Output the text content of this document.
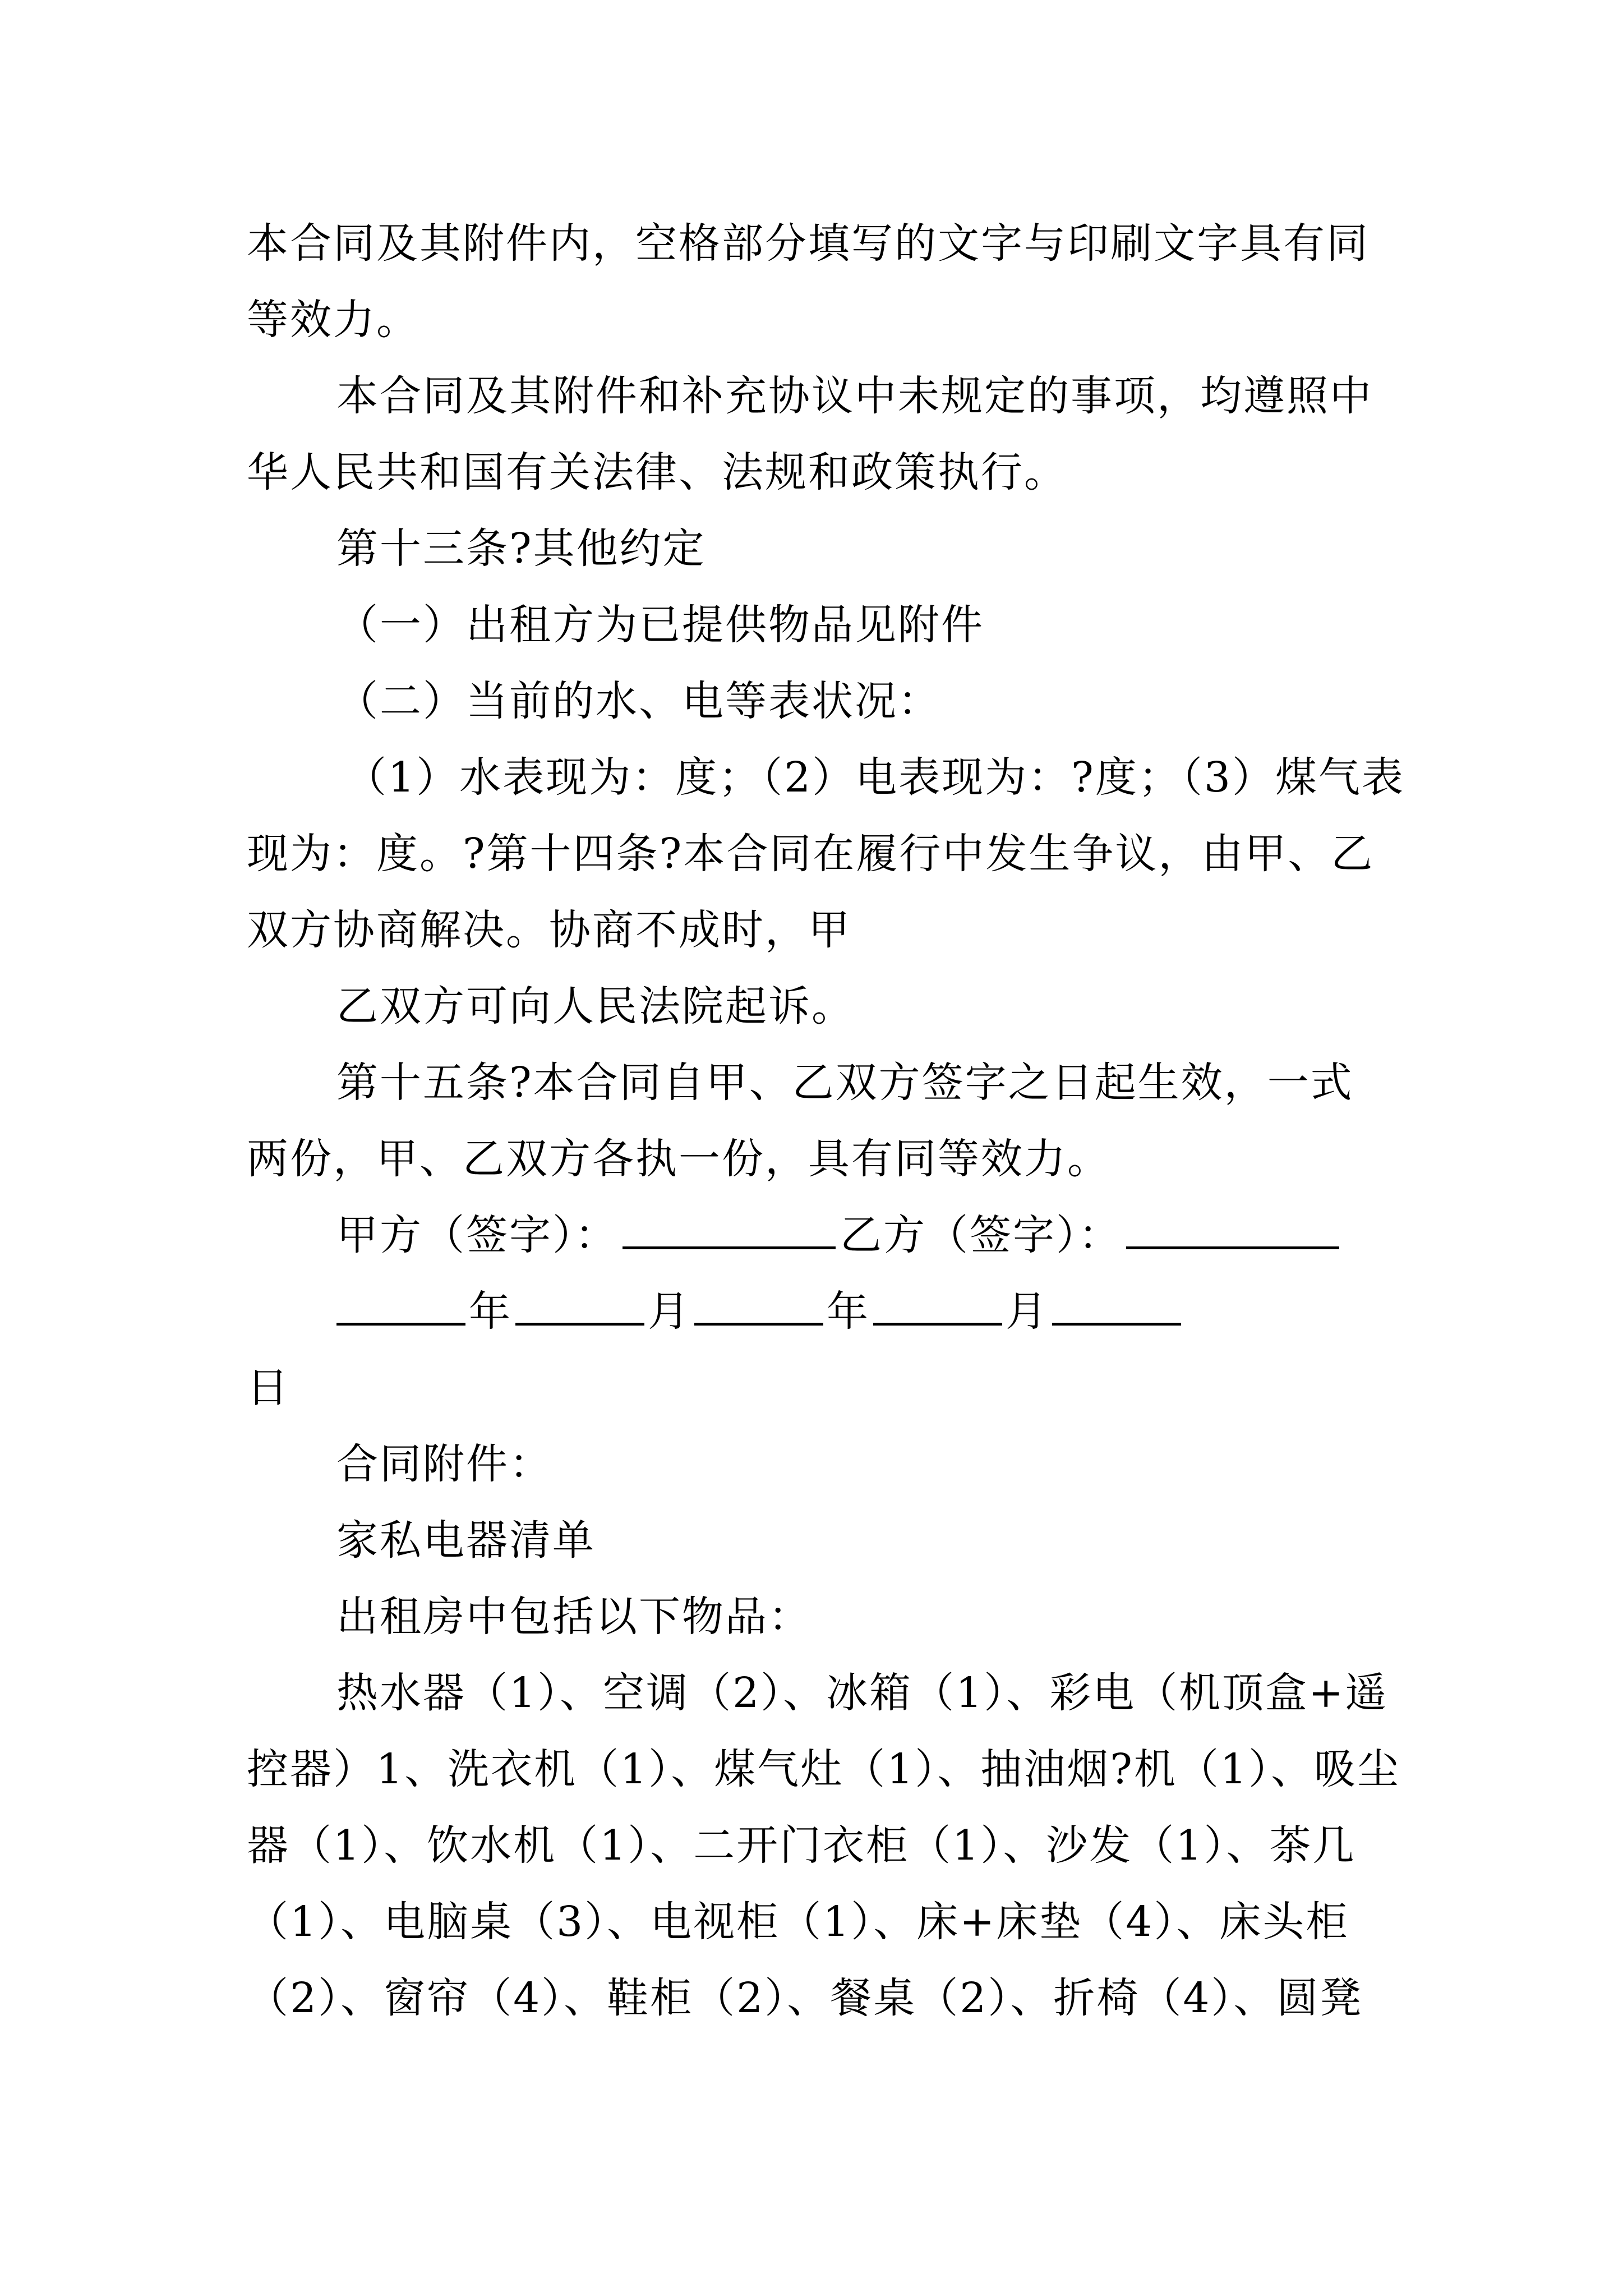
本合同及其附件内，空格部分填写的文字与印刷文字具有同
等效力。
本合同及其附件和补充协议中未规定的事项，均遵照中
华人民共和国有关法律、法规和政策执行。
第十三条?其他约定
（一）出租方为已提供物品见附件
（二）当前的水、电等表状况：
（1）水表现为：度；（2）电表现为：?度；（3）煤气表
现为：度。?第十四条?本合同在履行中发生争议，由甲、乙
双方协商解决。协商不成时，甲
乙双方可向人民法院起诉。
第十五条?本合同自甲、乙双方签字之日起生效，一式
两份，甲、乙双方各执一份，具有同等效力。
甲方（签字）：	乙方（签字）：
年	月	年	月
日
合同附件：
家私电器清单
出租房中包括以下物品：
热水器（1）、空调（2）、冰箱（1）、彩电（机顶盒+遥
控器）1、洗衣机（1）、煤气灶（1）、抽油烟?机（1）、吸尘
器（1）、饮水机（1）、二开门衣柜（1）、沙发（1）、茶几
（1）、电脑桌（3）、电视柜（1）、床+床垫（4）、床头柜
（2）、窗帘（4）、鞋柜（2）、餐桌（2）、折椅（4）、圆凳
